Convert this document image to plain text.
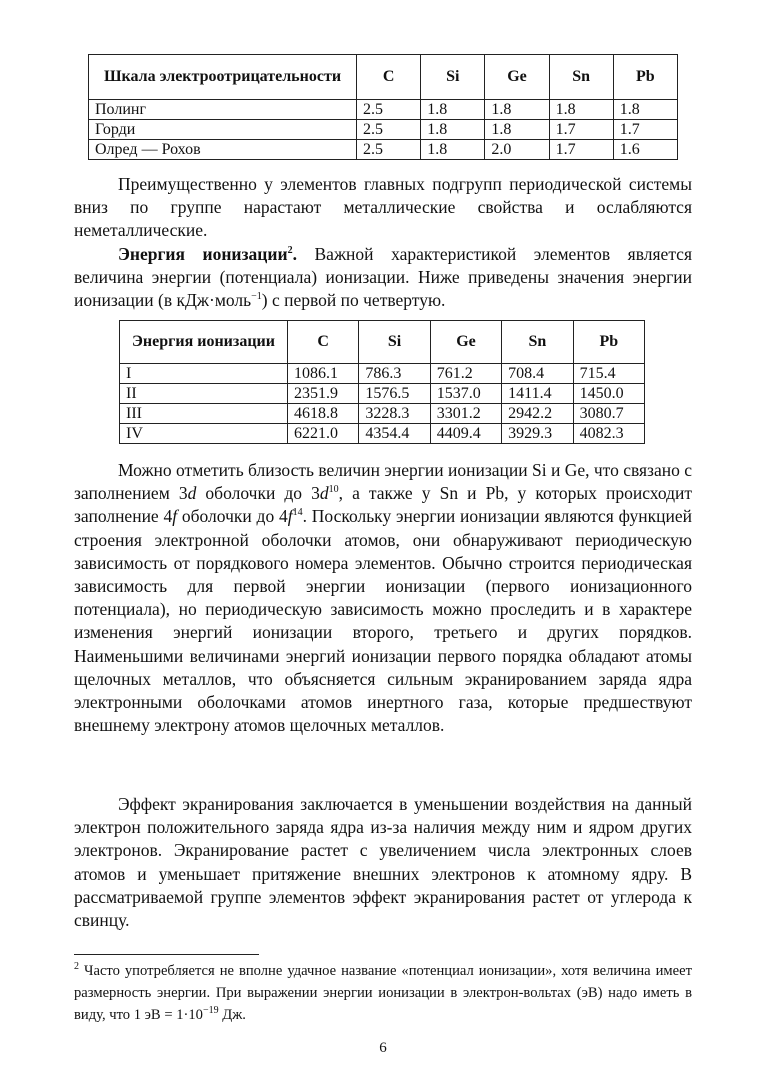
Шкала электроотрицательности	C	Si	Ge	Sn	Pb
Полинг	2.5	1.8	1.8	1.8	1.8
Горди	2.5	1.8	1.8	1.7	1.7
Олред — Рохов	2.5	1.8	2.0	1.7	1.6

Преимущественно у элементов главных подгрупп периодической системы вниз по группе нарастают металлические свойства и ослабляются неметаллические.

Энергия ионизации$^2$. Важной характеристикой элементов является величина энергии (потенциала) ионизации. Ниже приведены значения энергии ионизации (в кДж·моль$^{-1}$) с первой по четвертую.

Энергия ионизации	C	Si	Ge	Sn	Pb
I	1086.1	786.3	761.2	708.4	715.4
II	2351.9	1576.5	1537.0	1411.4	1450.0
III	4618.8	3228.3	3301.2	2942.2	3080.7
IV	6221.0	4354.4	4409.4	3929.3	4082.3

Можно отметить близость величин энергии ионизации Si и Ge, что связано с заполнением 3d оболочки до $3d^{10}$, а также у Sn и Pb, у которых происходит заполнение 4f оболочки до $4f^{14}$. Поскольку энергии ионизации являются функцией строения электронной оболочки атомов, они обнаруживают периодическую зависимость от порядкового номера элементов. Обычно строится периодическая зависимость для первой энергии ионизации (первого ионизационного потенциала), но периодическую зависимость можно проследить и в характере изменения энергий ионизации второго, третьего и других порядков. Наименьшими величинами энергий ионизации первого порядка обладают атомы щелочных металлов, что объясняется сильным экранированием заряда ядра электронными оболочками атомов инертного газа, которые предшествуют внешнему электрону атомов щелочных металлов.

Эффект экранирования заключается в уменьшении воздействия на данный электрон положительного заряда ядра из-за наличия между ним и ядром других электронов. Экранирование растет с увеличением числа электронных слоев атомов и уменьшает притяжение внешних электронов к атомному ядру. В рассматриваемой группе элементов эффект экранирования растет от углерода к свинцу.

$^2$ Часто употребляется не вполне удачное название «потенциал ионизации», хотя величина имеет размерность энергии. При выражении энергии ионизации в электрон-вольтах (эВ) надо иметь в виду, что 1 эВ = $1\cdot 10^{-19}$ Дж.

6
